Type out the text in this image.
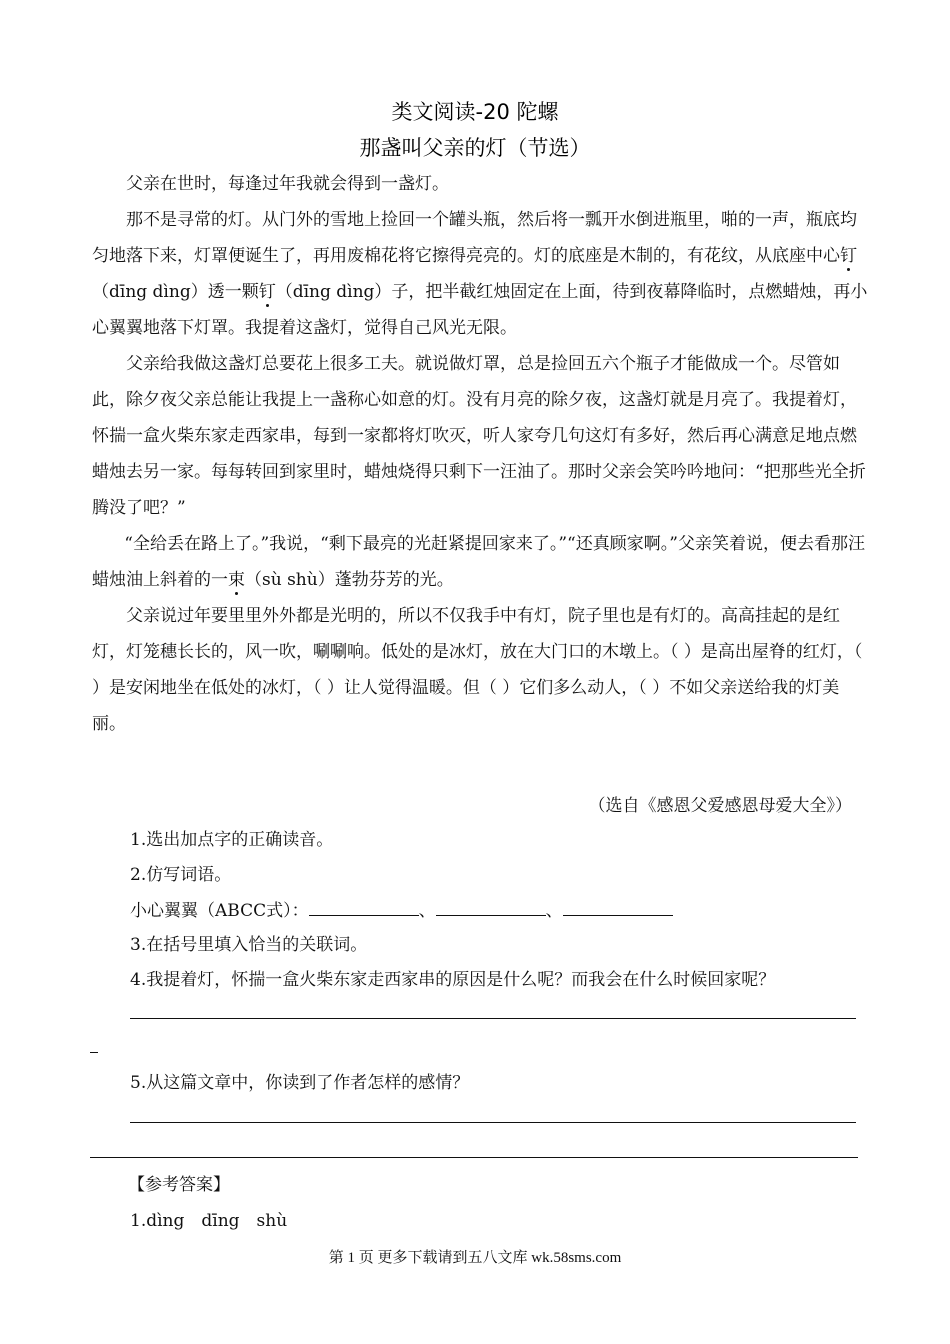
类文阅读-20 陀螺
那盏叫父亲的灯（节选）

父亲在世时，每逢过年我就会得到一盏灯。

那不是寻常的灯。从门外的雪地上捡回一个罐头瓶，然后将一瓢开水倒进瓶里，啪的一声，瓶底均匀地落下来，灯罩便诞生了，再用废棉花将它擦得亮亮的。灯的底座是木制的，有花纹，从底座中心钉（dīng dìng）透一颗钉（dīng dìng）子，把半截红烛固定在上面，待到夜幕降临时，点燃蜡烛，再小心翼翼地落下灯罩。我提着这盏灯，觉得自己风光无限。

父亲给我做这盏灯总要花上很多工夫。就说做灯罩，总是捡回五六个瓶子才能做成一个。尽管如此，除夕夜父亲总能让我提上一盏称心如意的灯。没有月亮的除夕夜，这盏灯就是月亮了。我提着灯，怀揣一盒火柴东家走西家串，每到一家都将灯吹灭，听人家夸几句这灯有多好，然后再心满意足地点燃蜡烛去另一家。每每转回到家里时，蜡烛烧得只剩下一汪油了。那时父亲会笑吟吟地问：“把那些光全折腾没了吧？”

“全给丢在路上了。”我说，“剩下最亮的光赶紧提回家来了。”“还真顾家啊。”父亲笑着说，便去看那汪蜡烛油上斜着的一束（sù shù）蓬勃芬芳的光。

父亲说过年要里里外外都是光明的，所以不仅我手中有灯，院子里也是有灯的。高高挂起的是红灯，灯笼穗长长的，风一吹，唰唰响。低处的是冰灯，放在大门口的木墩上。（ ）是高出屋脊的红灯，（ ）是安闲地坐在低处的冰灯，（ ）让人觉得温暖。但（ ）它们多么动人，（ ）不如父亲送给我的灯美丽。

（选自《感恩父爱感恩母爱大全》）
1.选出加点字的正确读音。
2.仿写词语。
小心翼翼（ABCC式）：	、	、
3.在括号里填入恰当的关联词。
4.我提着灯，怀揣一盒火柴东家走西家串的原因是什么呢？而我会在什么时候回家呢？
5.从这篇文章中，你读到了作者怎样的感情？
【参考答案】
1.dìng　dīng　shù
第 1 页 更多下载请到五八文库 wk.58sms.com
